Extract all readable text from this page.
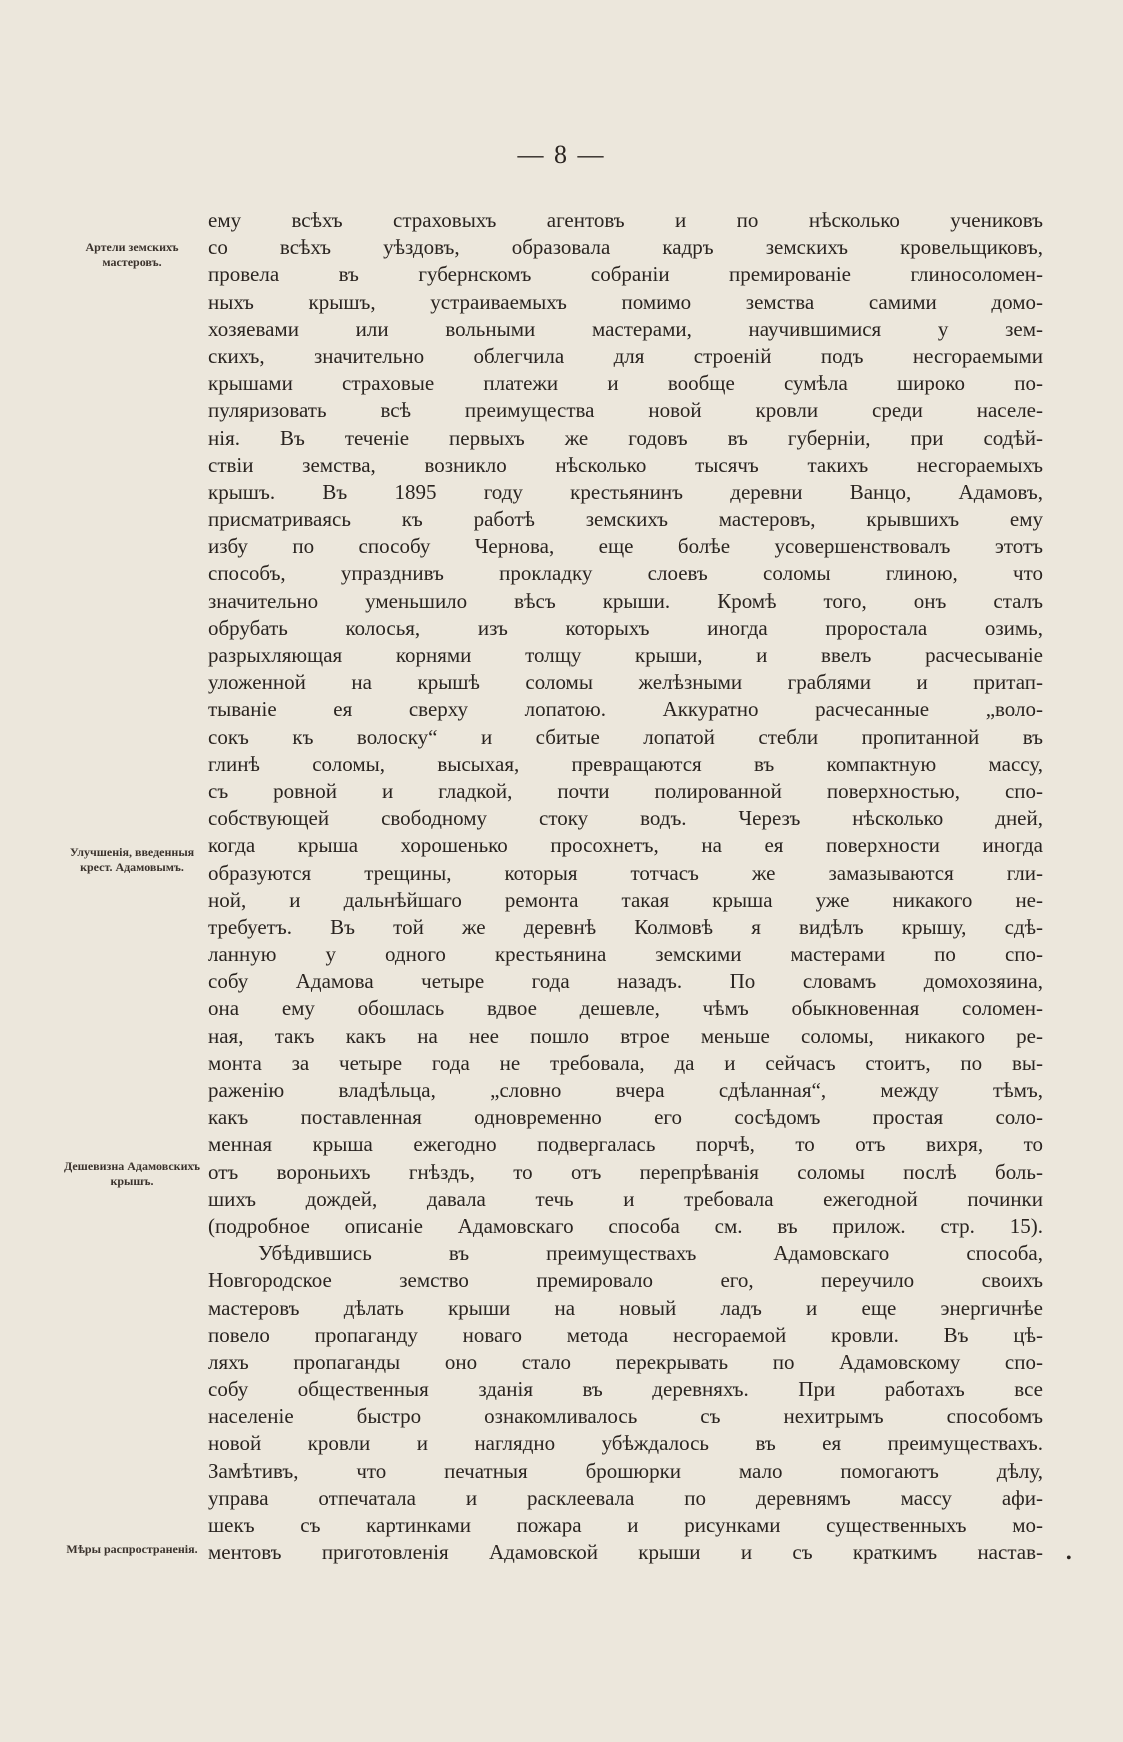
— 8 —
Артели земскихъ мастеровъ.
Улучшенія, введенныя крест. Адамовымъ.
Дешевизна Адамовскихъ крышъ.
Мѣры распространенія.
ему всѣхъ страховыхъ агентовъ и по нѣсколько учениковъ
со всѣхъ уѣздовъ, образовала кадръ земскихъ кровельщиковъ,
провела въ губернскомъ собраніи премированіе глиносоломен-
ныхъ крышъ, устраиваемыхъ помимо земства самими домо-
хозяевами или вольными мастерами, научившимися у зем-
скихъ, значительно облегчила для строеній подъ несгораемыми
крышами страховые платежи и вообще сумѣла широко по-
пуляризовать всѣ преимущества новой кровли среди населе-
нія. Въ теченіе первыхъ же годовъ въ губерніи, при содѣй-
ствіи земства, возникло нѣсколько тысячъ такихъ несгораемыхъ
крышъ. Въ 1895 году крестьянинъ деревни Ванцо, Адамовъ,
присматриваясь къ работѣ земскихъ мастеровъ, крывшихъ ему
избу по способу Чернова, еще болѣе усовершенствовалъ этотъ
способъ, упразднивъ прокладку слоевъ соломы глиною, что
значительно уменьшило вѣсъ крыши. Кромѣ того, онъ сталъ
обрубать колосья, изъ которыхъ иногда проростала озимь,
разрыхляющая корнями толщу крыши, и ввелъ расчесываніе
уложенной на крышѣ соломы желѣзными граблями и притап-
тываніе ея сверху лопатою. Аккуратно расчесанные „воло-
сокъ къ волоску“ и сбитые лопатой стебли пропитанной въ
глинѣ соломы, высыхая, превращаются въ компактную массу,
съ ровной и гладкой, почти полированной поверхностью, спо-
собствующей свободному стоку водъ. Черезъ нѣсколько дней,
когда крыша хорошенько просохнетъ, на ея поверхности иногда
образуются трещины, которыя тотчасъ же замазываются гли-
ной, и дальнѣйшаго ремонта такая крыша уже никакого не-
требуетъ. Въ той же деревнѣ Колмовѣ я видѣлъ крышу, сдѣ-
ланную у одного крестьянина земскими мастерами по спо-
собу Адамова четыре года назадъ. По словамъ домохозяина,
она ему обошлась вдвое дешевле, чѣмъ обыкновенная соломен-
ная, такъ какъ на нее пошло втрое меньше соломы, никакого ре-
монта за четыре года не требовала, да и сейчасъ стоитъ, по вы-
раженію владѣльца, „словно вчера сдѣланная“, между тѣмъ,
какъ поставленная одновременно его сосѣдомъ простая соло-
менная крыша ежегодно подвергалась порчѣ, то отъ вихря, то
отъ вороньихъ гнѣздъ, то отъ перепрѣванія соломы послѣ боль-
шихъ дождей, давала течь и требовала ежегодной починки
(подробное описаніе Адамовскаго способа см. въ прилож. стр. 15).
Убѣдившись въ преимуществахъ Адамовскаго способа,
Новгородское земство премировало его, переучило своихъ
мастеровъ дѣлать крыши на новый ладъ и еще энергичнѣе
повело пропаганду новаго метода несгораемой кровли. Въ цѣ-
ляхъ пропаганды оно стало перекрывать по Адамовскому спо-
собу общественныя зданія въ деревняхъ. При работахъ все
населеніе быстро ознакомливалось съ нехитрымъ способомъ
новой кровли и наглядно убѣждалось въ ея преимуществахъ.
Замѣтивъ, что печатныя брошюрки мало помогаютъ дѣлу,
управа отпечатала и расклеевала по деревнямъ массу афи-
шекъ съ картинками пожара и рисунками существенныхъ мо-
ментовъ приготовленія Адамовской крыши и съ краткимъ настав- •
